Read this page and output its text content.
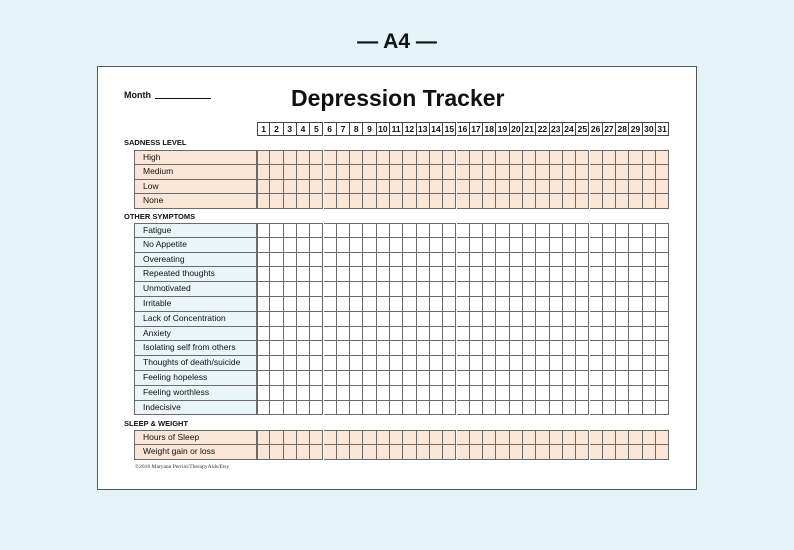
— A4 —
Month	Depression Tracker
1 2	3	4	5	6	7	8	9 10 11 12 13 14 15 16 17 18 19 20 21 22 23 24 25 26 27 28 29 30 31
SADNESS LEVEL
High
Medium
Low
None
OTHER SYMPTOMS
Fatigue
No Appetite
Overeating
Repeated thoughts
Unmotivated
Irritable
Lack of Concentration
Anxiety
Isolating self from others
Thoughts of death/suicide
Feeling hopeless
Feeling worthless
Indecisive
SLEEP & WEIGHT
Hours of Sleep
Weight gain or loss
©2016 Maryann Perrini/TherapyAids/Etsy
